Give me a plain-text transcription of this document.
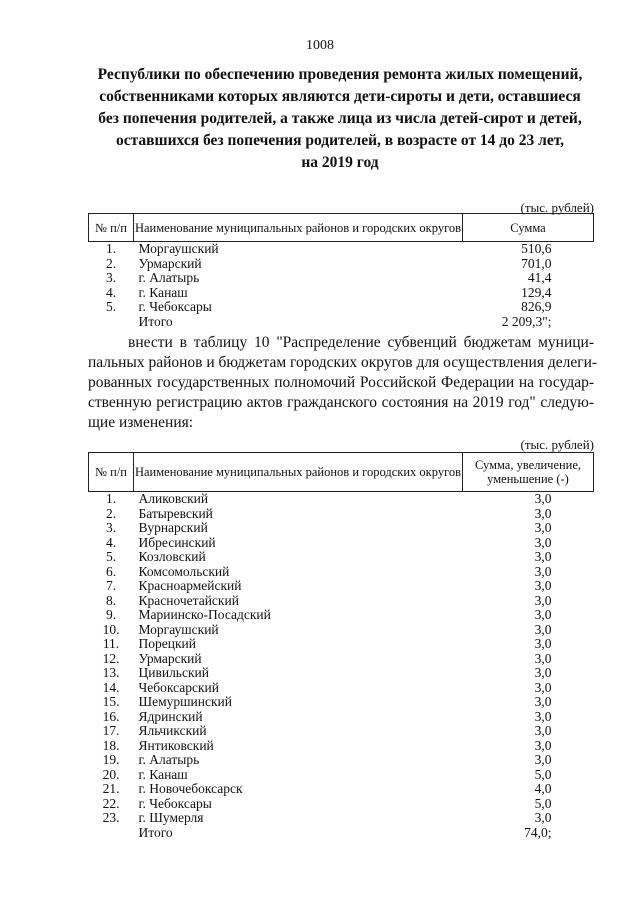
1008
Республики по обеспечению проведения ремонта жилых помещений,
собственниками которых являются дети-сироты и дети, оставшиеся
без попечения родителей, а также лица из числа детей-сирот и детей,
оставшихся без попечения родителей, в возрасте от 14 до 23 лет,
на 2019 год
(тыс. рублей)
№ п/п	Наименование муниципальных районов и городских округов	Сумма
1.	Моргаушский	510,6
2.	Урмарский	701,0
3.	г. Алатырь	41,4
4.	г. Канаш	129,4
5.	г. Чебоксары	826,9
	Итого	2 209,3";
внести в таблицу 10 "Распределение субвенций бюджетам муници-
пальных районов и бюджетам городских округов для осуществления делеги-
рованных государственных полномочий Российской Федерации на государ-
ственную регистрацию актов гражданского состояния на 2019 год" следую-
щие изменения:
(тыс. рублей)
№ п/п	Наименование муниципальных районов и городских округов	Сумма, увеличение, уменьшение (-)
1.	Аликовский	3,0
2.	Батыревский	3,0
3.	Вурнарский	3,0
4.	Ибресинский	3,0
5.	Козловский	3,0
6.	Комсомольский	3,0
7.	Красноармейский	3,0
8.	Красночетайский	3,0
9.	Мариинско-Посадский	3,0
10.	Моргаушский	3,0
11.	Порецкий	3,0
12.	Урмарский	3,0
13.	Цивильский	3,0
14.	Чебоксарский	3,0
15.	Шемуршинский	3,0
16.	Ядринский	3,0
17.	Яльчикский	3,0
18.	Янтиковский	3,0
19.	г. Алатырь	3,0
20.	г. Канаш	5,0
21.	г. Новочебоксарск	4,0
22.	г. Чебоксары	5,0
23.	г. Шумерля	3,0
	Итого	74,0;
